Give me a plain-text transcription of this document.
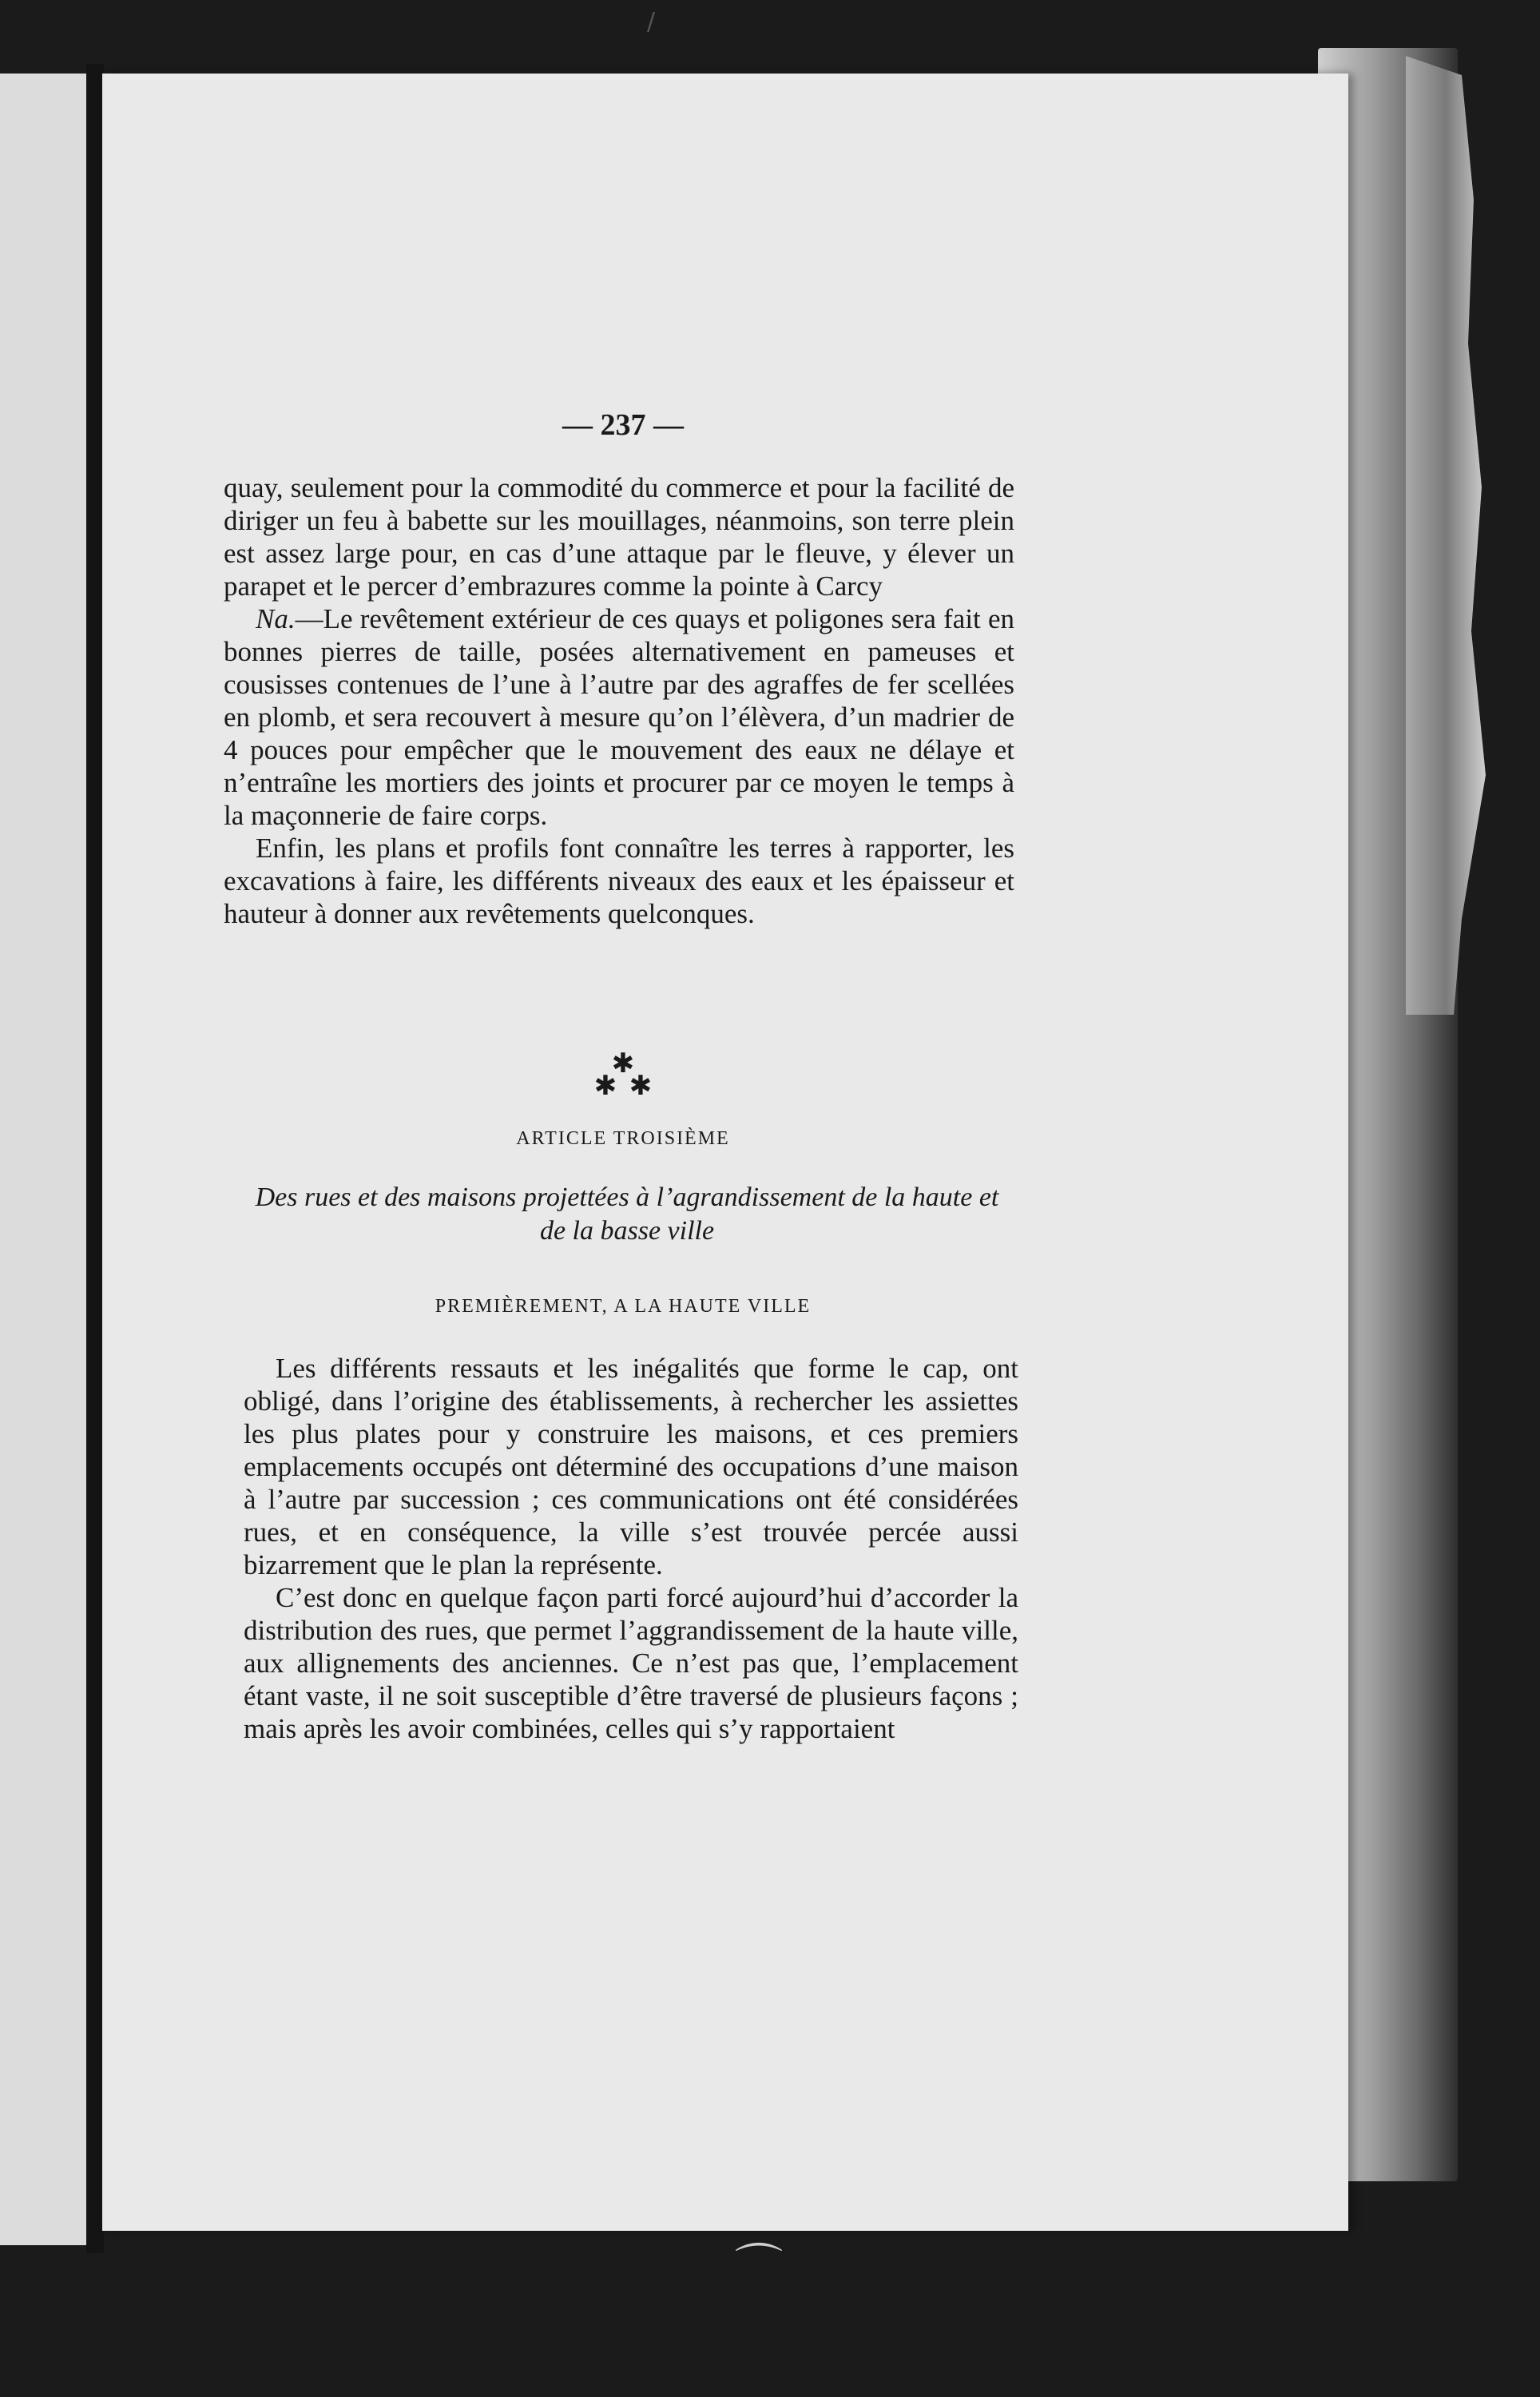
/
⌒
— 237 —

quay, seulement pour la commodité du commerce et pour la facilité de diriger un feu à babette sur les mouillages, néanmoins, son terre plein est assez large pour, en cas d’une attaque par le fleuve, y élever un parapet et le percer d’embrazures comme la pointe à Carcy

Na.—Le revêtement extérieur de ces quays et poligones sera fait en bonnes pierres de taille, posées alternativement en pameuses et cousisses contenues de l’une à l’autre par des agraffes de fer scellées en plomb, et sera recouvert à mesure qu’on l’élèvera, d’un madrier de 4 pouces pour empêcher que le mouvement des eaux ne délaye et n’entraîne les mortiers des joints et procurer par ce moyen le temps à la maçonnerie de faire corps.

Enfin, les plans et profils font connaître les terres à rapporter, les excavations à faire, les différents niveaux des eaux et les épaisseur et hauteur à donner aux revêtements quelconques.

✱
✱ ✱
ARTICLE TROISIÈME
Des rues et des maisons projettées à l’agrandissement de la haute et de la basse ville
PREMIÈREMENT, A LA HAUTE VILLE

Les différents ressauts et les inégalités que forme le cap, ont obligé, dans l’origine des établissements, à rechercher les assiettes les plus plates pour y construire les maisons, et ces premiers emplacements occupés ont déterminé des occupations d’une maison à l’autre par succession ; ces communications ont été considérées rues, et en conséquence, la ville s’est trouvée percée aussi bizarrement que le plan la représente.

C’est donc en quelque façon parti forcé aujourd’hui d’accorder la distribution des rues, que permet l’aggrandissement de la haute ville, aux allignements des anciennes. Ce n’est pas que, l’emplacement étant vaste, il ne soit susceptible d’être traversé de plusieurs façons ; mais après les avoir combinées, celles qui s’y rapportaient
